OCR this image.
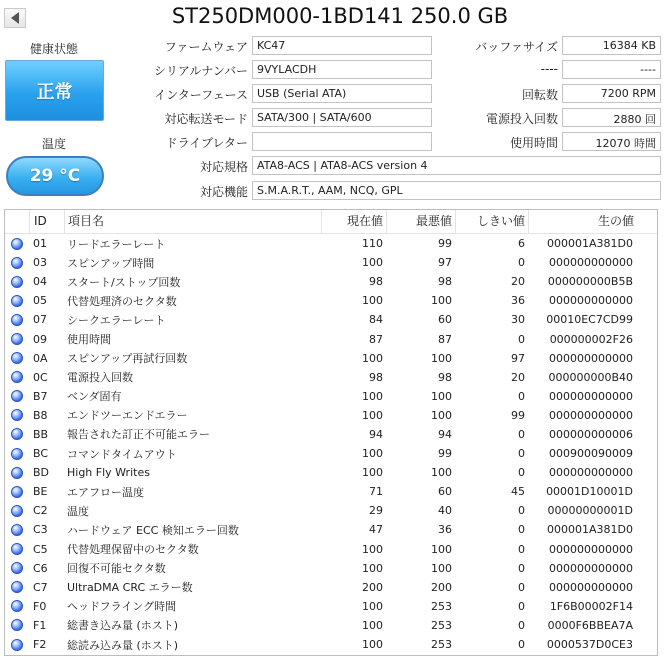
ST250DM000-1BD141 250.0 GB
健康状態
正常
温度
29 °C
ファームウェア KC47
シリアルナンバー 9VYLACDH
インターフェース USB (Serial ATA)
対応転送モード SATA/300 | SATA/600
ドライブレター
バッファサイズ	16384 KB
----	----
回転数	7200 RPM
電源投入回数	2880 回
使用時間	12070 時間
対応規格 ATA8-ACS | ATA8-ACS version 4
対応機能 S.M.A.R.T., AAM, NCQ, GPL
ID	項目名	現在値	最悪値	しきい値	生の値
01	リードエラーレート	110	99	6	000001A381D0
03	スピンアップ時間	100	97	0	000000000000
04	スタート/ストップ回数	98	98	20	000000000B5B
05	代替処理済のセクタ数	100	100	36	000000000000
07	シークエラーレート	84	60	30	00010EC7CD99
09	使用時間	87	87	0	000000002F26
0A	スピンアップ再試行回数	100	100	97	000000000000
0C	電源投入回数	98	98	20	000000000B40
B7	ベンダ固有	100	100	0	000000000000
B8	エンドツーエンドエラー	100	100	99	000000000000
BB	報告された訂正不可能エラー	94	94	0	000000000006
BC	コマンドタイムアウト	100	99	0	000900090009
BD	High Fly Writes	100	100	0	000000000000
BE	エアフロー温度	71	60	45	00001D10001D
C2	温度	29	40	0	00000000001D
C3	ハードウェア ECC 検知エラー回数	47	36	0	000001A381D0
C5	代替処理保留中のセクタ数	100	100	0	000000000000
C6	回復不可能セクタ数	100	100	0	000000000000
C7	UltraDMA CRC エラー数	200	200	0	000000000000
F0	ヘッドフライング時間	100	253	0	1F6B00002F14
F1	総書き込み量 (ホスト)	100	253	0	0000F6BBEA7A
F2	総読み込み量 (ホスト)	100	253	0	0000537D0CE3
